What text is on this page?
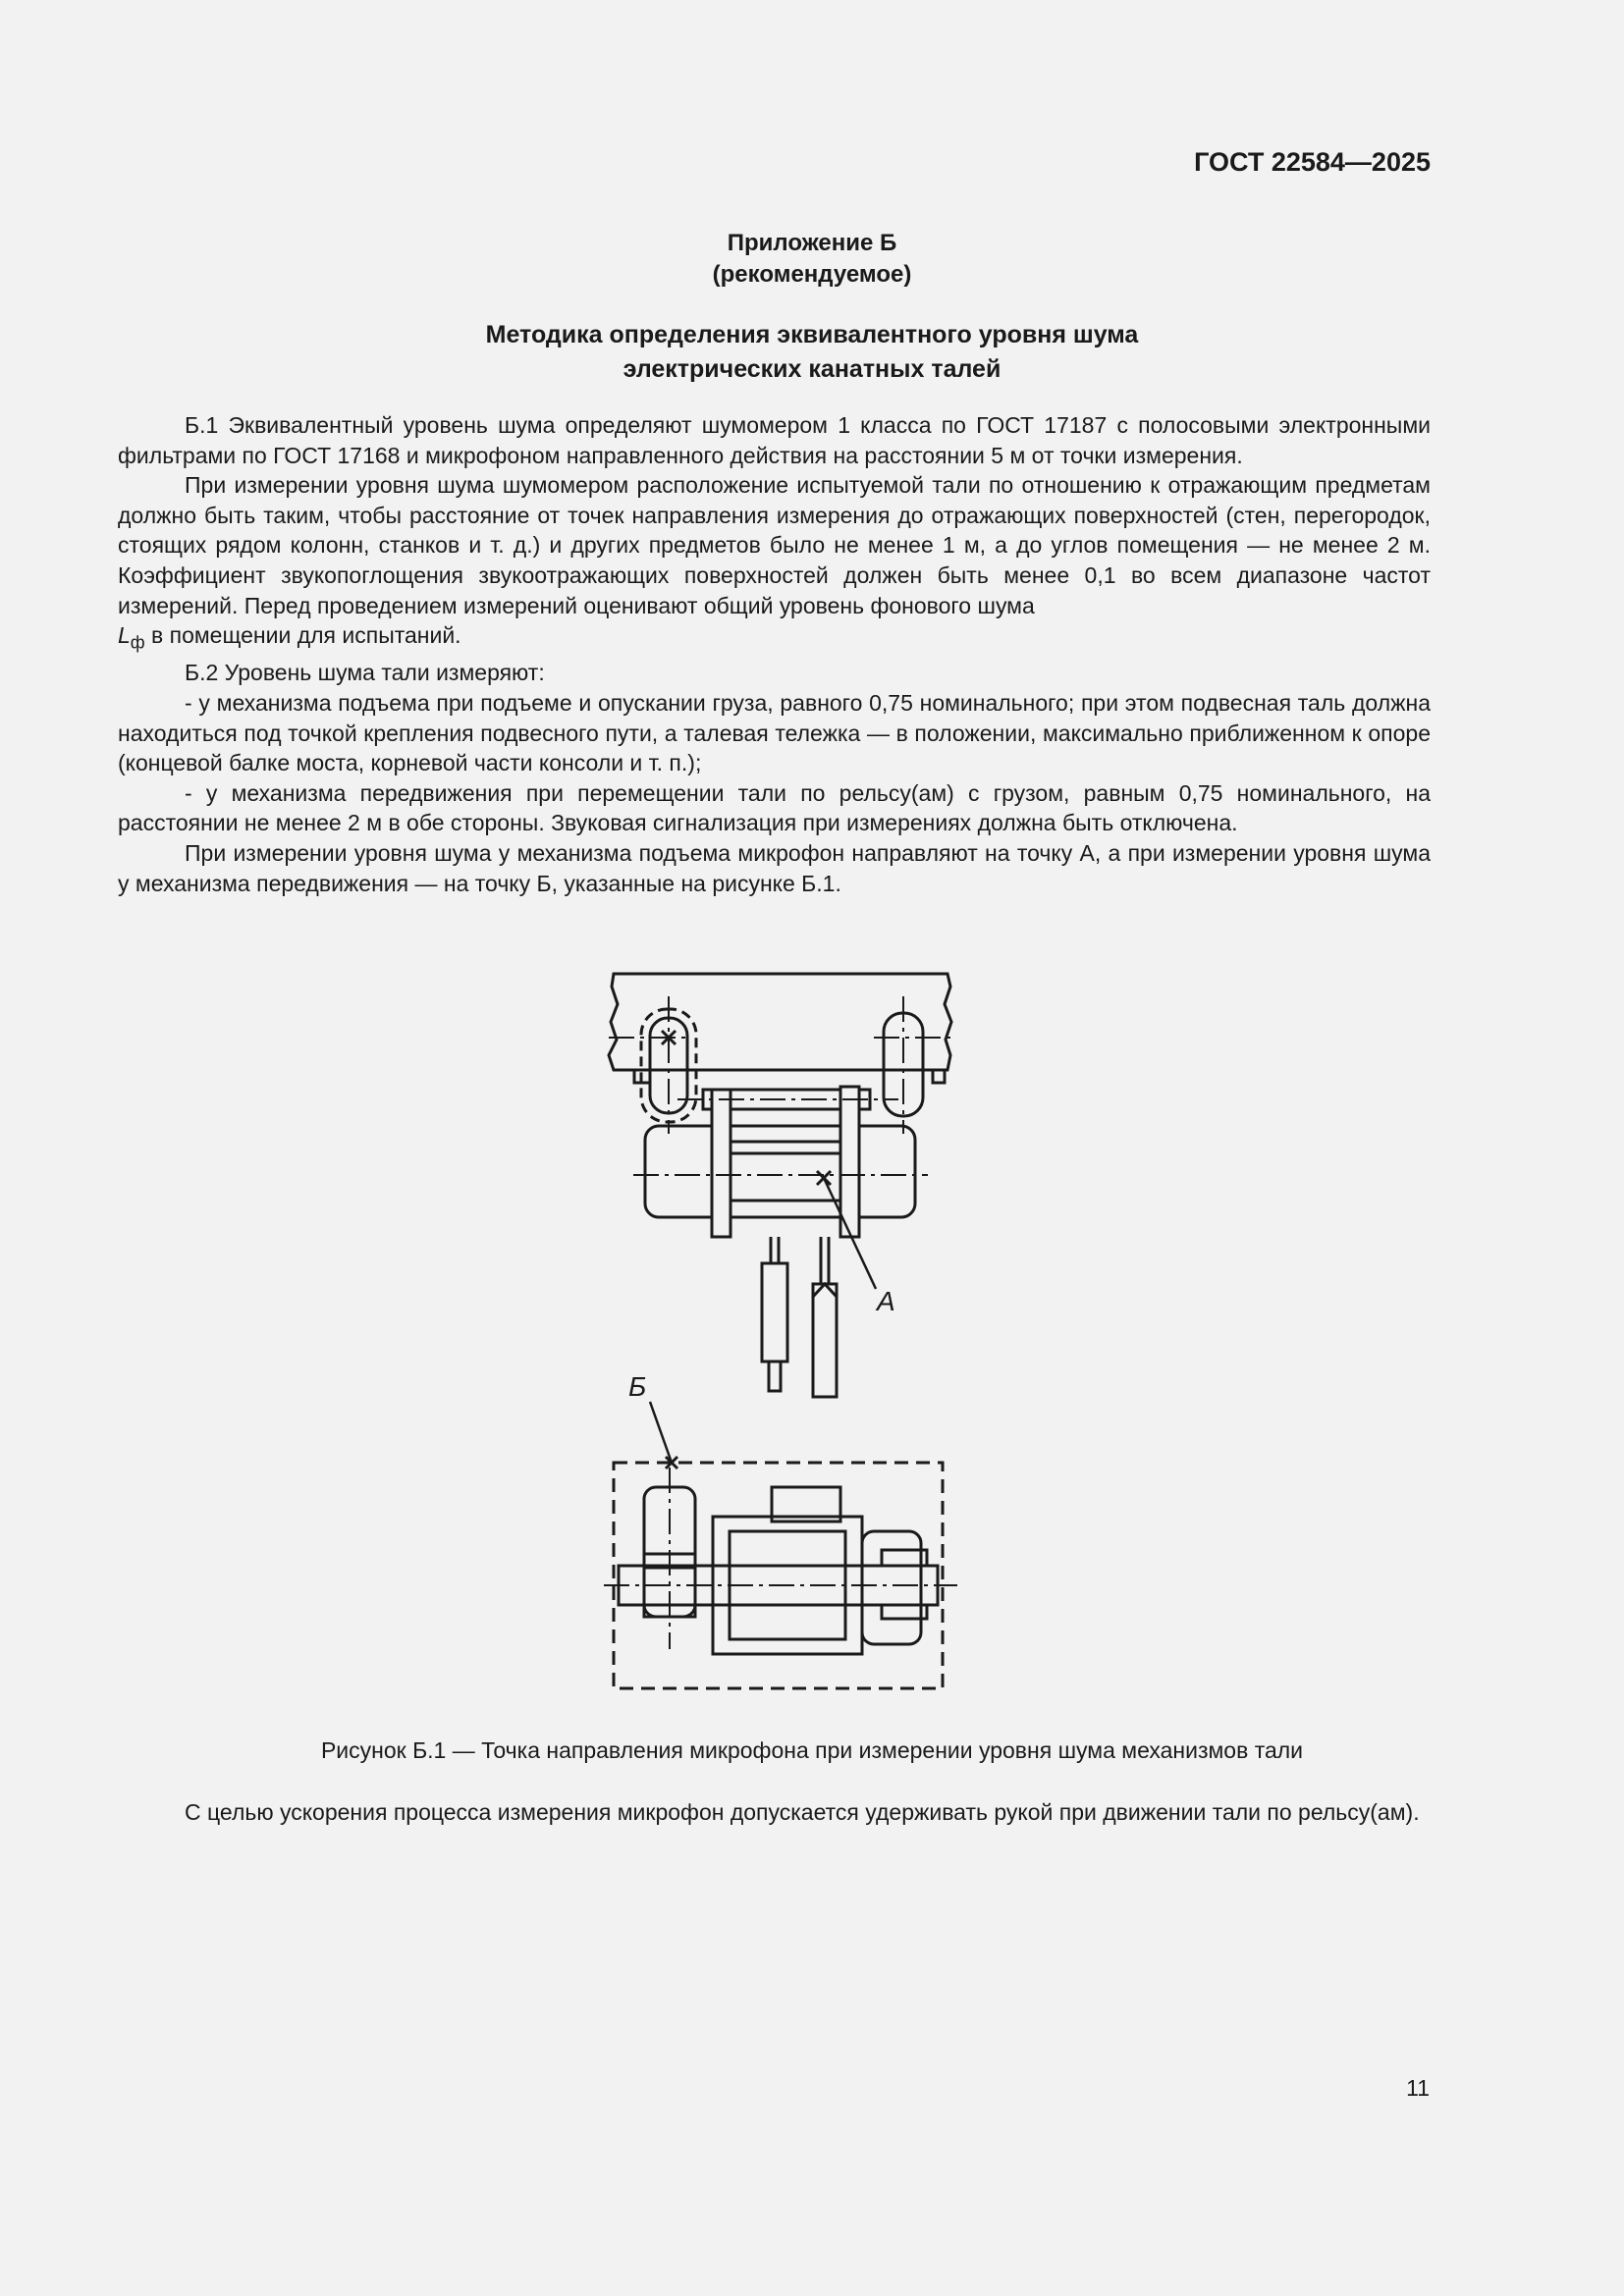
ГОСТ 22584—2025
Приложение Б
(рекомендуемое)
Методика определения эквивалентного уровня шума
электрических канатных талей

Б.1 Эквивалентный уровень шума определяют шумомером 1 класса по ГОСТ 17187 с полосовыми электронными фильтрами по ГОСТ 17168 и микрофоном направленного действия на расстоянии 5 м от точки измерения.

При измерении уровня шума шумомером расположение испытуемой тали по отношению к отражающим предметам должно быть таким, чтобы расстояние от точек направления измерения до отражающих поверхностей (стен, перегородок, стоящих рядом колонн, станков и т. д.) и других предметов было не менее 1 м, а до углов помещения — не менее 2 м. Коэффициент звукопоглощения звукоотражающих поверхностей должен быть менее 0,1 во всем диапазоне частот измерений. Перед проведением измерений оценивают общий уровень фонового шума
$L_ф$ в помещении для испытаний.

Б.2 Уровень шума тали измеряют:

- у механизма подъема при подъеме и опускании груза, равного 0,75 номинального; при этом подвесная таль должна находиться под точкой крепления подвесного пути, а талевая тележка — в положении, максимально приближенном к опоре (концевой балке моста, корневой части консоли и т. п.);

- у механизма передвижения при перемещении тали по рельсу(ам) с грузом, равным 0,75 номинального, на расстоянии не менее 2 м в обе стороны. Звуковая сигнализация при измерениях должна быть отключена.

При измерении уровня шума у механизма подъема микрофон направляют на точку А, а при измерении уровня шума у механизма передвижения — на точку Б, указанные на рисунке Б.1.

А
Б
Рисунок Б.1 — Точка направления микрофона при измерении уровня шума механизмов тали

С целью ускорения процесса измерения микрофон допускается удерживать рукой при движении тали по рельсу(ам).

11
